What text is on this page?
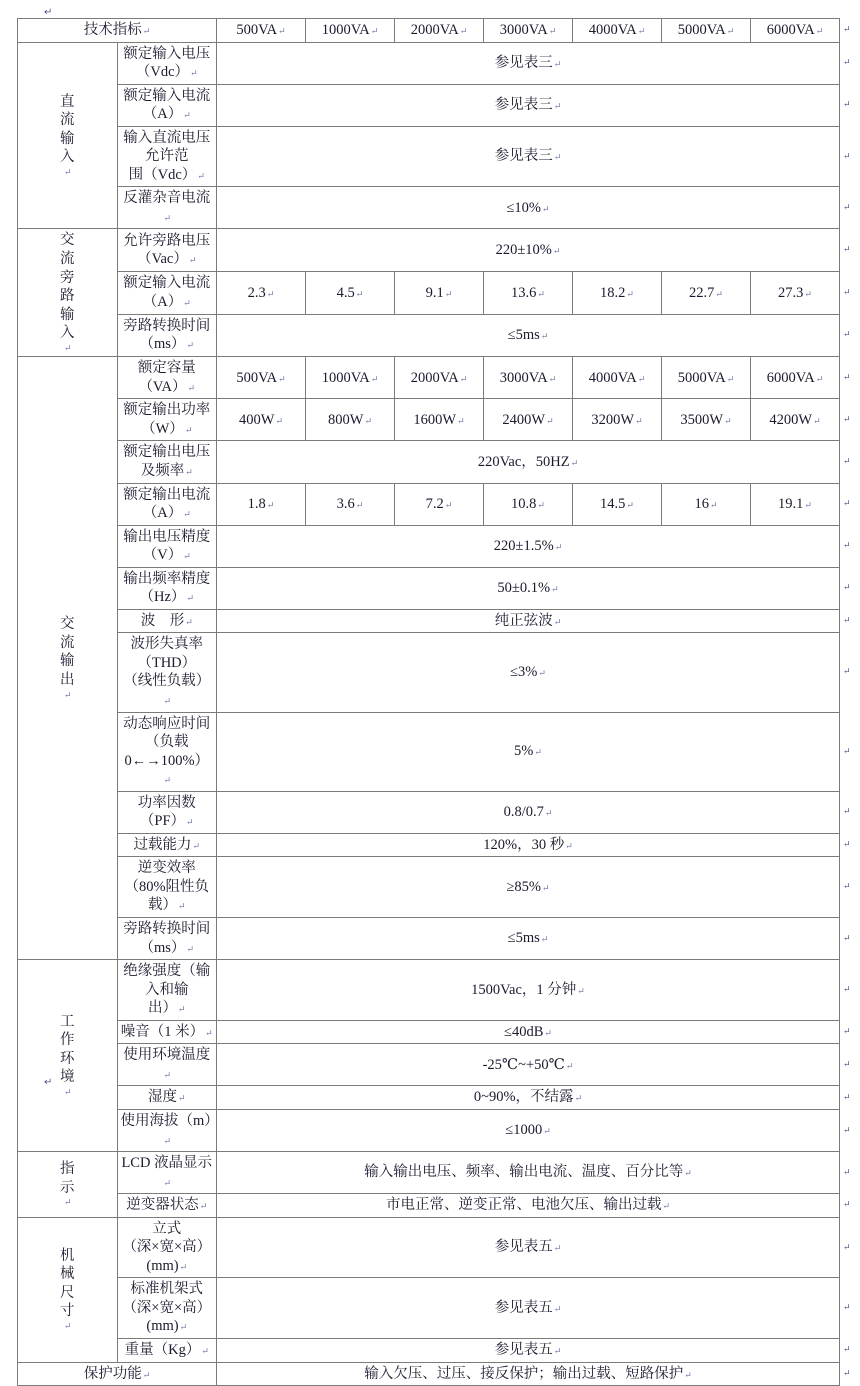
↵
技术指标↵		500VA↵	1000VA↵	2000VA↵	3000VA↵	4000VA↵	5000VA↵	6000VA↵

直
流
输
入
↵	额定输入电压（Vdc）↵	参见表三↵						
	额定输入电流（A）↵	参见表三↵						
	输入直流电压允许范
围（Vdc）↵	参见表三↵						
	反灌杂音电流↵	≤10%↵						

交
流
旁
路
输
入
↵
	允许旁路电压（Vac）↵	220±10%↵
	额定输入电流（A）↵	2.3↵	4.5↵	9.1↵	13.6↵	18.2↵	22.7↵	27.3↵
	旁路转换时间（ms）↵	≤5ms↵						

交
流
输
出
↵	额定容量（VA）↵	500VA↵	1000VA↵	2000VA↵	3000VA↵	4000VA↵	5000VA↵	6000VA↵
	额定输出功率（W）↵	400W↵	800W↵	1600W↵	2400W↵	3200W↵	3500W↵	4200W↵
	额定输出电压及频率↵	220Vac，50HZ↵						
	额定输出电流（A）↵	1.8↵	3.6↵	7.2↵	10.8↵	14.5↵	16↵	19.1↵
	输出电压精度（V）↵	220±1.5%↵						
	输出频率精度（Hz）↵	50±0.1%↵						
	波　形↵	纯正弦波↵						
	波形失真率（THD）
（线性负载）↵	≤3%↵						
	动态响应时间
（负载 0←→100%）↵	5%↵						
	功率因数（PF）↵	0.8/0.7↵						
	过载能力↵	120%，30 秒↵						
	逆变效率
（80%阻性负载）↵	≥85%↵						
	旁路转换时间（ms）↵	≤5ms↵						

工
作
环
境
↵	绝缘强度（输入和输
出）↵	1500Vac，1 分钟↵						
	噪音（1 米）↵	≤40dB↵						
	使用环境温度↵	-25℃~+50℃↵						
	湿度↵	0~90%，不结露↵						
	使用海拔（m）↵	≤1000↵						

指
示
↵	LCD 液晶显示↵	输入输出电压、频率、输出电流、温度、百分比等↵						
	逆变器状态↵	市电正常、逆变正常、电池欠压、输出过载↵						

机
械
尺
寸
↵	立式
（深×宽×高）(mm)↵	参见表五↵						
	标准机架式
（深×宽×高）(mm)↵	参见表五↵						
	重量（Kg）↵	参见表五↵						
保护功能↵		输入欠压、过压、接反保护；输出过载、短路保护↵						
↵
↵
↵
↵
↵
↵
↵
↵
↵
↵
↵
↵
↵
↵
↵
↵
↵
↵
↵
↵
↵
↵
↵
↵
↵
↵
↵
↵
↵
↵
↵
↵
↵
